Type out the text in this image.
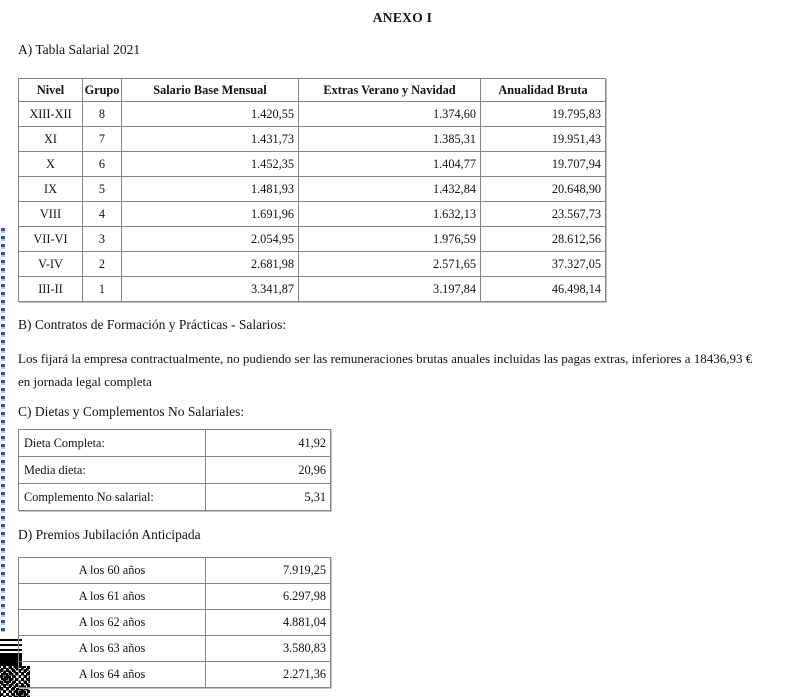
ANEXO I
A) Tabla Salarial 2021
Nivel	Grupo	Salario Base Mensual	Extras Verano y Navidad	Anualidad Bruta
XIII-XII	8	1.420,55	1.374,60	19.795,83
XI	7	1.431,73	1.385,31	19.951,43
X	6	1.452,35	1.404,77	19.707,94
IX	5	1.481,93	1.432,84	20.648,90
VIII	4	1.691,96	1.632,13	23.567,73
VII-VI	3	2.054,95	1.976,59	28.612,56
V-IV	2	2.681,98	2.571,65	37.327,05
III-II	1	3.341,87	3.197,84	46.498,14
B) Contratos de Formación y Prácticas - Salarios:
Los fijará la empresa contractualmente, no pudiendo ser las remuneraciones brutas anuales incluidas las pagas extras, inferiores a 18436,93 €
en jornada legal completa
C) Dietas y Complementos No Salariales:
Dieta Completa:	41,92
Media dieta:	20,96
Complemento No salarial:	5,31
D) Premios Jubilación Anticipada
A los 60 años	7.919,25
A los 61 años	6.297,98
A los 62 años	4.881,04
A los 63 años	3.580,83
A los 64 años	2.271,36
